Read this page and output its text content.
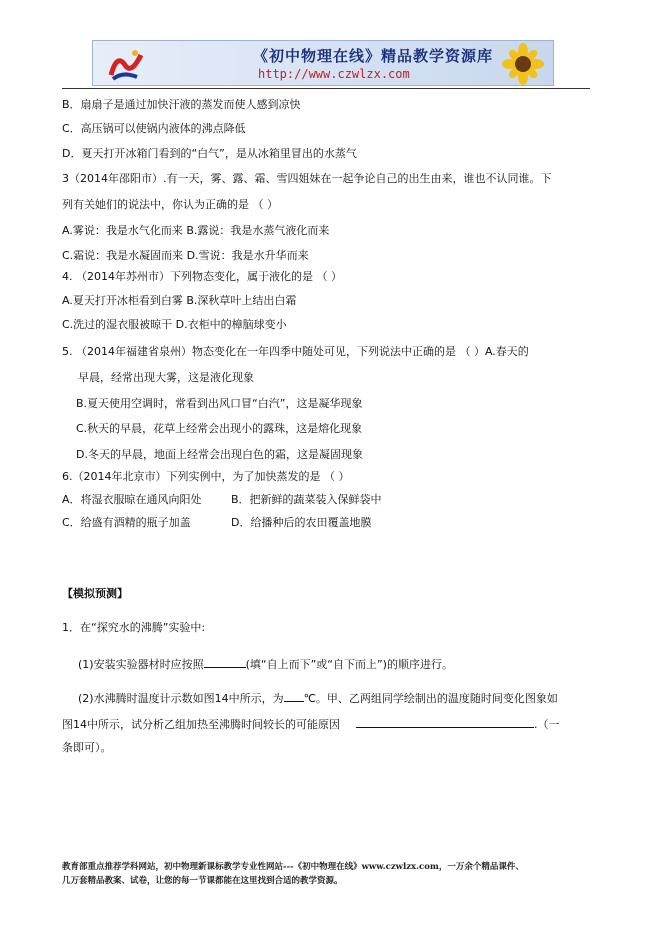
《初中物理在线》精品教学资源库
http://www.czwlzx.com
B．扇扇子是通过加快汗液的蒸发而使人感到凉快
C．高压锅可以使锅内液体的沸点降低
D．夏天打开冰箱门看到的“白气”，是从冰箱里冒出的水蒸气
3（2014年邵阳市）.有一天，雾、露、霜、雪四姐妹在一起争论自己的出生由来，谁也不认同谁。下
列有关她们的说法中，你认为正确的是 （ ）
A.雾说：我是水气化而来 B.露说：我是水蒸气液化而来
C.霜说：我是水凝固而来 D.雪说：我是水升华而来
4. （2014年苏州市）下列物态变化，属于液化的是 （ ）
A.夏天打开冰柜看到白雾 B.深秋草叶上结出白霜
C.洗过的湿衣服被晾干 D.衣柜中的樟脑球变小
5. （2014年福建省泉州）物态变化在一年四季中随处可见，下列说法中正确的是 （ ）A.春天的
早晨，经常出现大雾，这是液化现象
B.夏天使用空调时，常看到出风口冒“白汽”，这是凝华现象
C.秋天的早晨，花草上经常会出现小的露珠，这是熔化现象
D.冬天的早晨，地面上经常会出现白色的霜，这是凝固现象
6.（2014年北京市）下列实例中，为了加快蒸发的是 （ ）
A．将湿衣服晾在通风向阳处	B．把新鲜的蔬菜装入保鲜袋中
C．给盛有酒精的瓶子加盖	D．给播种后的农田覆盖地膜
【模拟预测】
1．在“探究水的沸腾”实验中:
(1)安装实验器材时应按照	(填“自上而下”或“自下而上”)的顺序进行。
(2)水沸腾时温度计示数如图14中所示，为 ℃。甲、乙两组同学绘制出的温度随时间变化图象如
图14中所示，试分析乙组加热至沸腾时间较长的可能原因	.（一
条即可）。
教育部重点推荐学科网站，初中物理新课标教学专业性网站---《初中物理在线》www.czwlzx.com，一万余个精品课件、
几万套精品教案、试卷，让您的每一节课都能在这里找到合适的教学资源。
